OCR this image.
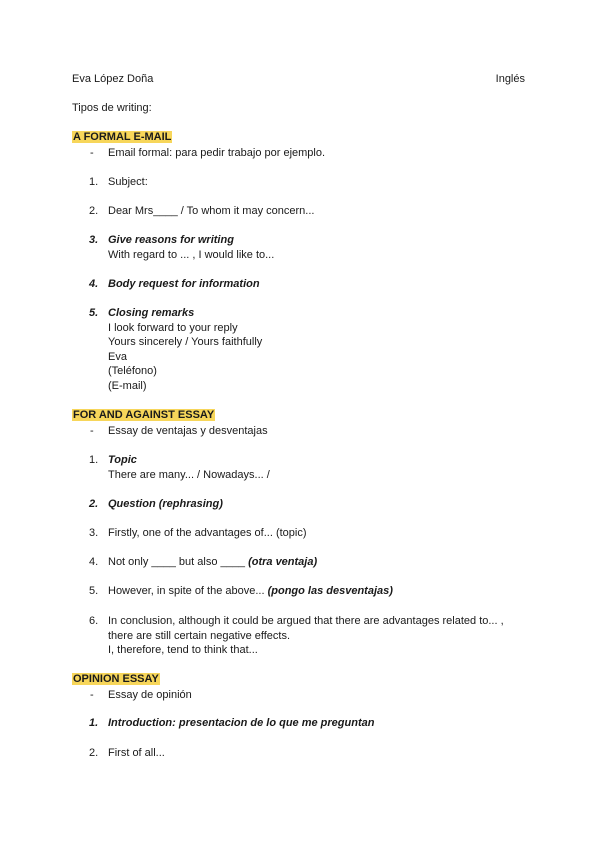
Eva López Doña	Inglés
Tipos de writing:
A FORMAL E-MAIL
- Email formal: para pedir trabajo por ejemplo.
1. Subject:
2. Dear Mrs____ / To whom it may concern...
3. Give reasons for writing
With regard to ... , I would like to...
4. Body request for information
5. Closing remarks
I look forward to your reply
Yours sincerely / Yours faithfully
Eva
(Teléfono)
(E-mail)
FOR AND AGAINST ESSAY
- Essay de ventajas y desventajas
1. Topic
There are many... / Nowadays... /
2. Question (rephrasing)
3. Firstly, one of the advantages of... (topic)
4. Not only ____ but also ____ (otra ventaja)
5. However, in spite of the above... (pongo las desventajas)
6. In conclusion, although it could be argued that there are advantages related to... ,
there are still certain negative effects.
I, therefore, tend to think that...
OPINION ESSAY
- Essay de opinión
1. Introduction: presentacion de lo que me preguntan
2. First of all...
